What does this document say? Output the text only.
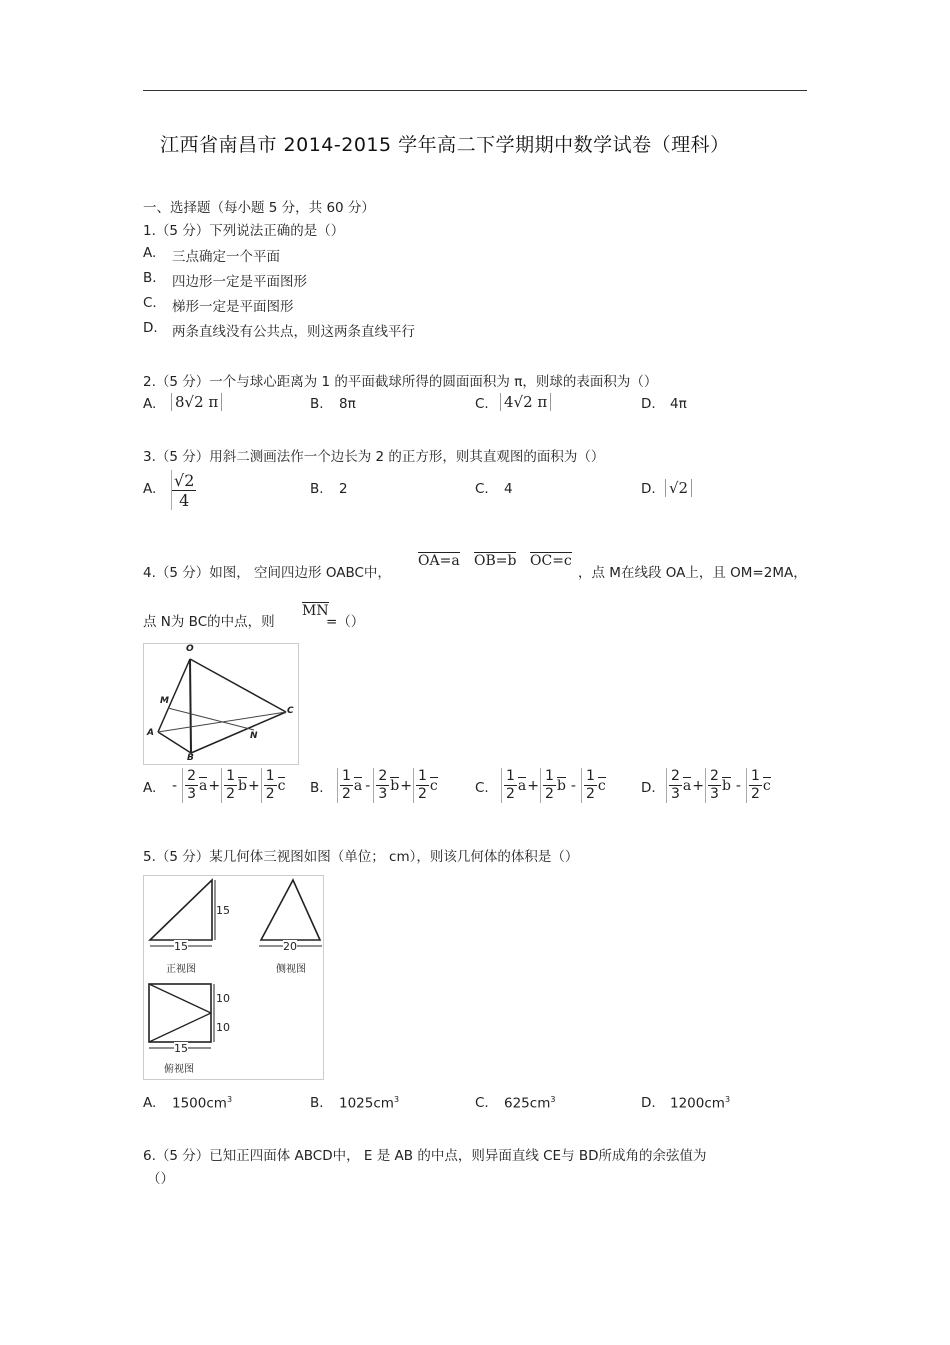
江西省南昌市 2014-2015 学年高二下学期期中数学试卷（理科）
一、选择题（每小题 5 分，共 60 分）
1.（5 分）下列说法正确的是（）
A. 三点确定一个平面
B. 四边形一定是平面图形
C. 梯形一定是平面图形
D. 两条直线没有公共点，则这两条直线平行
2.（5 分）一个与球心距离为 1 的平面截球所得的圆面面积为 π，则球的表面积为（）
A. 8√2 π	B. 8π	C. 4√2 π	D. 4π
3.（5 分）用斜二测画法作一个边长为 2 的正方形，则其直观图的面积为（）
A. $\frac{√2}{4}$	B. 2	C. 4	D. √2
4.（5 分）如图， 空间四边形 OABC中，
OA=a OB=b OC=c
，点 M在线段 OA上，且 OM=2MA，
点 N为 BC的中点，则
MN
=（）
O
M
A
C
N
B
A.	B.	C.	D.
- $\frac{2}{3}$ $a + \frac{1}{2}$ $b + \frac{1}{2}$ c	$\frac{1}{2}$ a - $\frac{2}{3}$ $b + \frac{1}{2}$ c	$\frac{1}{2}$ $a + \frac{1}{2}$ b - $\frac{1}{2}$ c	$\frac{2}{3}$ $a + \frac{2}{3}$ b - $\frac{1}{2}$ c
5.（5 分）某几何体三视图如图（单位； cm），则该几何体的体积是（）
15
15
正视图
20
侧视图
10
10
15
俯视图
A. $1500cm^3$	B. $1025cm^3$	C. $625cm^3$	D. $1200cm^3$
6.（5 分）已知正四面体 ABCD中， E 是 AB 的中点，则异面直线 CE与 BD所成角的余弦值为
（）
